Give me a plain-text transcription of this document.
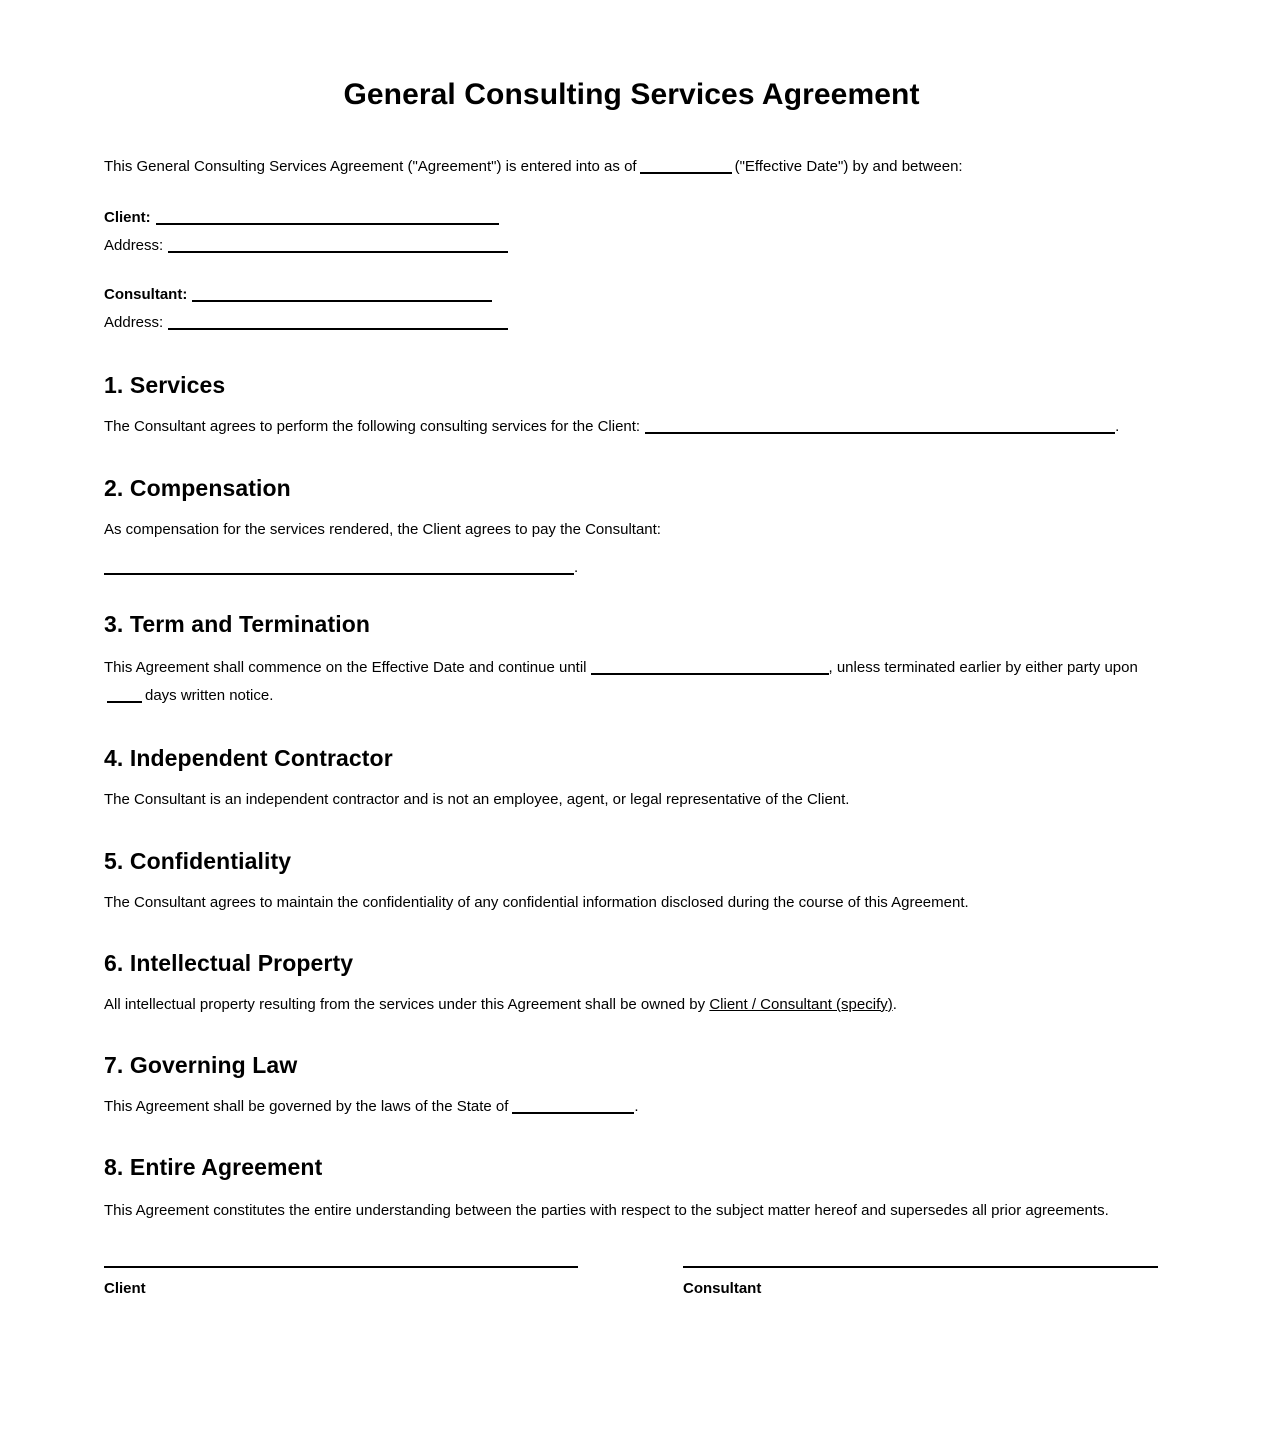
General Consulting Services Agreement

This General Consulting Services Agreement ("Agreement") is entered into as of	("Effective Date") by and between:

Client:
Address:
Consultant:
Address:
1. Services

The Consultant agrees to perform the following consulting services for the Client:	.

2. Compensation

As compensation for the services rendered, the Client agrees to pay the Consultant:

.
3. Term and Termination

This Agreement shall commence on the Effective Date and continue until	, unless terminated earlier by either party upondays written notice.

4. Independent Contractor

The Consultant is an independent contractor and is not an employee, agent, or legal representative of the Client.

5. Confidentiality

The Consultant agrees to maintain the confidentiality of any confidential information disclosed during the course of this Agreement.

6. Intellectual Property

All intellectual property resulting from the services under this Agreement shall be owned by Client / Consultant (specify).

7. Governing Law

This Agreement shall be governed by the laws of the State of	.

8. Entire Agreement

This Agreement constitutes the entire understanding between the parties with respect to the subject matter hereof and supersedes all prior agreements.

Client	Consultant
